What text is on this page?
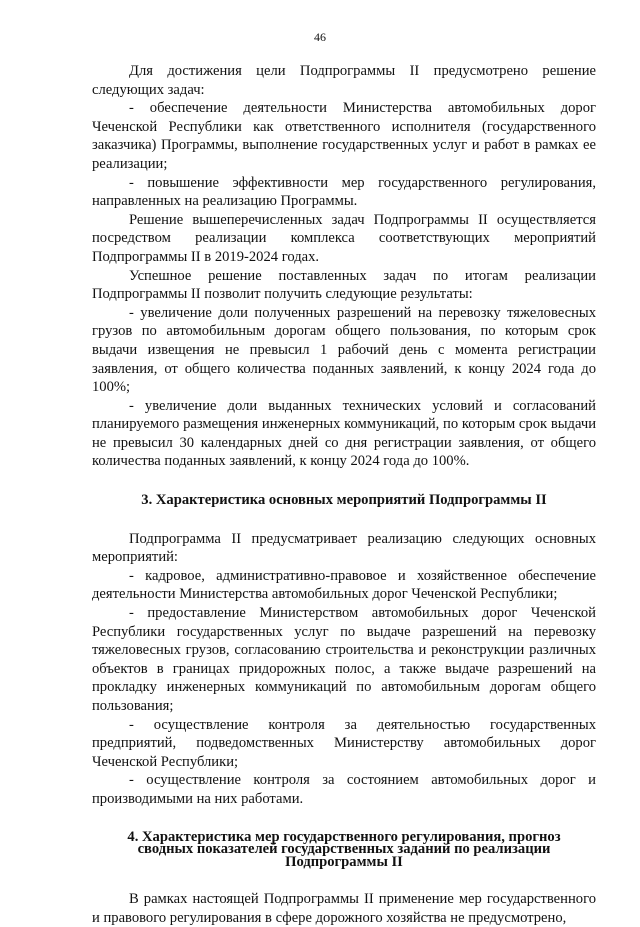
46

Для достижения цели Подпрограммы II предусмотрено решение следующих задач:

- обеспечение деятельности Министерства автомобильных дорог Чеченской Республики как ответственного исполнителя (государственного заказчика) Программы, выполнение государственных услуг и работ в рамках ее реализации;

- повышение эффективности мер государственного регулирования, направленных на реализацию Программы.

Решение вышеперечисленных задач Подпрограммы II осуществляется посредством реализации комплекса соответствующих мероприятий Подпрограммы II в 2019-2024 годах.

Успешное решение поставленных задач по итогам реализации Подпрограммы II позволит получить следующие результаты:

- увеличение доли полученных разрешений на перевозку тяжеловесных грузов по автомобильным дорогам общего пользования, по которым срок выдачи извещения не превысил 1 рабочий день с момента регистрации заявления, от общего количества поданных заявлений, к концу 2024 года до 100%;

- увеличение доли выданных технических условий и согласований планируемого размещения инженерных коммуникаций, по которым срок выдачи не превысил 30 календарных дней со дня регистрации заявления, от общего количества поданных заявлений, к концу 2024 года до 100%.

3. Характеристика основных мероприятий Подпрограммы II

Подпрограмма II предусматривает реализацию следующих основных мероприятий:

- кадровое, административно-правовое и хозяйственное обеспечение деятельности Министерства автомобильных дорог Чеченской Республики;

- предоставление Министерством автомобильных дорог Чеченской Республики государственных услуг по выдаче разрешений на перевозку тяжеловесных грузов, согласованию строительства и реконструкции различных объектов в границах придорожных полос, а также выдаче разрешений на прокладку инженерных коммуникаций по автомобильным дорогам общего пользования;

- осуществление контроля за деятельностью государственных предприятий, подведомственных Министерству автомобильных дорог Чеченской Республики;

- осуществление контроля за состоянием автомобильных дорог и производимыми на них работами.

4. Характеристика мер государственного регулирования, прогноз
сводных показателей государственных заданий по реализации
Подпрограммы II

В рамках настоящей Подпрограммы II применение мер государственного и правового регулирования в сфере дорожного хозяйства не предусмотрено,
